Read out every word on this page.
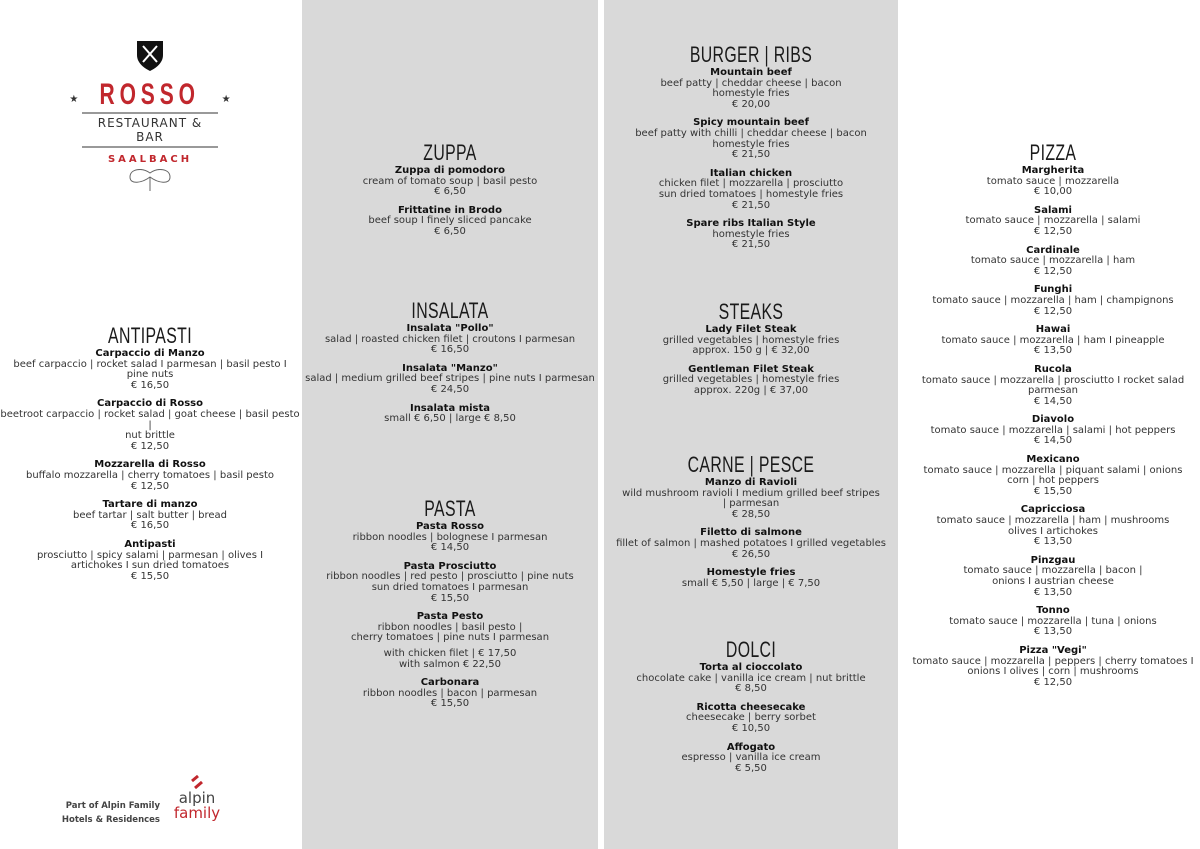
★ ROSSO ★
RESTAURANT & BAR
SAALBACH
ANTIPASTI
Carpaccio di Manzo
beef carpaccio | rocket salad I parmesan | basil pesto I
pine nuts
€ 16,50
Carpaccio di Rosso
beetroot carpaccio | rocket salad | goat cheese | basil pesto |
nut brittle
€ 12,50
Mozzarella di Rosso
buffalo mozzarella | cherry tomatoes | basil pesto
€ 12,50
Tartare di manzo
beef tartar | salt butter | bread
€ 16,50
Antipasti
prosciutto | spicy salami | parmesan | olives I
artichokes I sun dried tomatoes
€ 15,50
ZUPPA
Zuppa di pomodoro
cream of tomato soup | basil pesto
€ 6,50
Frittatine in Brodo
beef soup I finely sliced pancake
€ 6,50
INSALATA
Insalata "Pollo"
salad | roasted chicken filet | croutons I parmesan
€ 16,50
Insalata "Manzo"
salad | medium grilled beef stripes | pine nuts I parmesan
€ 24,50
Insalata mista
small € 6,50 | large € 8,50
PASTA
Pasta Rosso
ribbon noodles | bolognese I parmesan
€ 14,50
Pasta Prosciutto
ribbon noodles | red pesto | prosciutto | pine nuts
sun dried tomatoes I parmesan
€ 15,50
Pasta Pesto
ribbon noodles | basil pesto |
cherry tomatoes | pine nuts I parmesan
with chicken filet | € 17,50
with salmon € 22,50
Carbonara
ribbon noodles | bacon | parmesan
€ 15,50
BURGER | RIBS
Mountain beef
beef patty | cheddar cheese | bacon
homestyle fries
€ 20,00
Spicy mountain beef
beef patty with chilli | cheddar cheese | bacon
homestyle fries
€ 21,50
Italian chicken
chicken filet | mozzarella | prosciutto
sun dried tomatoes | homestyle fries
€ 21,50
Spare ribs Italian Style
homestyle fries
€ 21,50
STEAKS
Lady Filet Steak
grilled vegetables | homestyle fries
approx. 150 g | € 32,00
Gentleman Filet Steak
grilled vegetables | homestyle fries
approx. 220g | € 37,00
CARNE | PESCE
Manzo di Ravioli
wild mushroom ravioli I medium grilled beef stripes
| parmesan
€ 28,50
Filetto di salmone
fillet of salmon | mashed potatoes I grilled vegetables
€ 26,50
Homestyle fries
small € 5,50 | large | € 7,50
DOLCI
Torta al cioccolato
chocolate cake | vanilla ice cream | nut brittle
€ 8,50
Ricotta cheesecake
cheesecake | berry sorbet
€ 10,50
Affogato
espresso | vanilla ice cream
€ 5,50
PIZZA
Margherita
tomato sauce | mozzarella
€ 10,00
Salami
tomato sauce | mozzarella | salami
€ 12,50
Cardinale
tomato sauce | mozzarella | ham
€ 12,50
Funghi
tomato sauce | mozzarella | ham | champignons
€ 12,50
Hawai
tomato sauce | mozzarella | ham I pineapple
€ 13,50
Rucola
tomato sauce | mozzarella | prosciutto I rocket salad
parmesan
€ 14,50
Diavolo
tomato sauce | mozzarella | salami | hot peppers
€ 14,50
Mexicano
tomato sauce | mozzarella | piquant salami | onions
corn | hot peppers
€ 15,50
Capricciosa
tomato sauce | mozzarella | ham | mushrooms
olives I artichokes
€ 13,50
Pinzgau
tomato sauce | mozzarella | bacon |
onions I austrian cheese
€ 13,50
Tonno
tomato sauce | mozzarella | tuna | onions
€ 13,50
Pizza "Vegi"
tomato sauce | mozzarella | peppers | cherry tomatoes I
onions I olives | corn | mushrooms
€ 12,50
Part of Alpin Family
Hotels & Residences
alpin
family
